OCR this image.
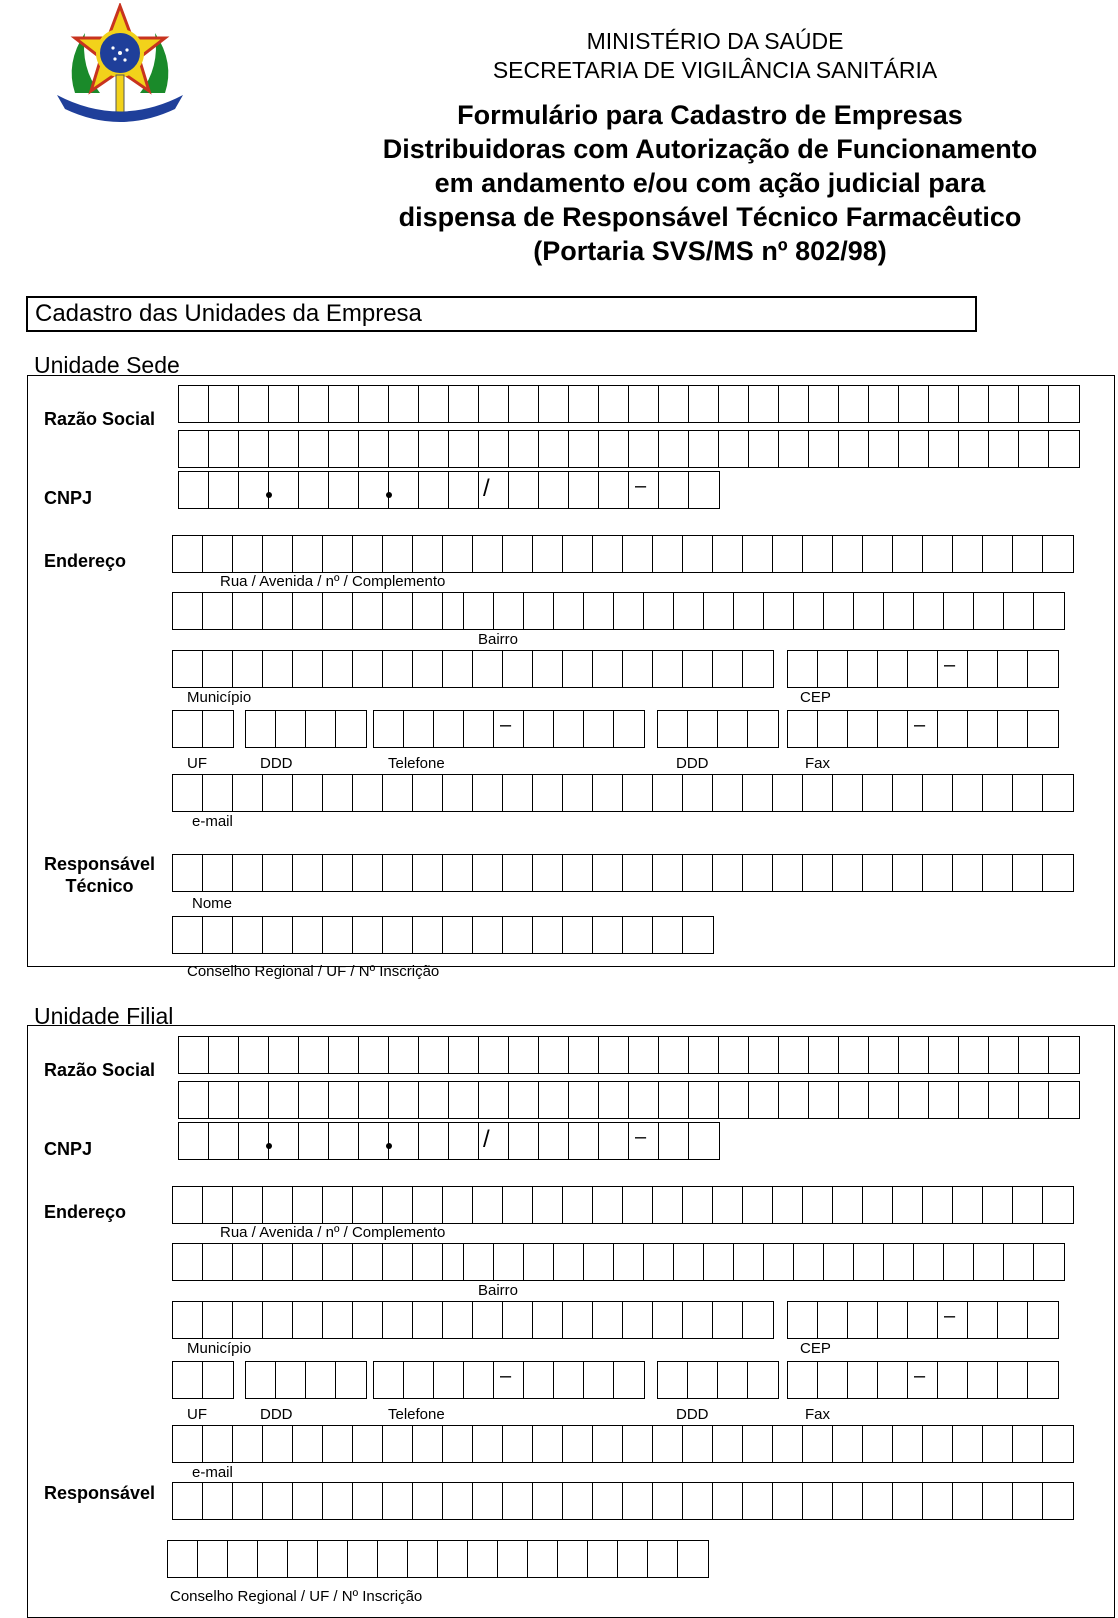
MINISTÉRIO DA SAÚDE
SECRETARIA DE VIGILÂNCIA SANITÁRIA
Formulário para Cadastro de Empresas
Distribuidoras com Autorização de Funcionamento
em andamento e/ou com ação judicial para
dispensa de Responsável Técnico Farmacêutico
(Portaria SVS/MS nº 802/98)
Cadastro das Unidades da Empresa
Unidade Sede
Razão Social
CNPJ
/
–
Endereço
Rua / Avenida / nº / Complemento
Bairro
–
Município	CEP
–
–
UF	DDD	Telefone	DDD	Fax
e-mail
Responsável
Técnico
Nome
Conselho Regional / UF / Nº Inscrição
Unidade Filial
Razão Social
CNPJ
/
–
Endereço
Rua / Avenida / nº / Complemento
Bairro
–
Município	CEP
–
–
UF	DDD	Telefone	DDD	Fax
e-mail
Responsável
Conselho Regional / UF / Nº Inscrição
